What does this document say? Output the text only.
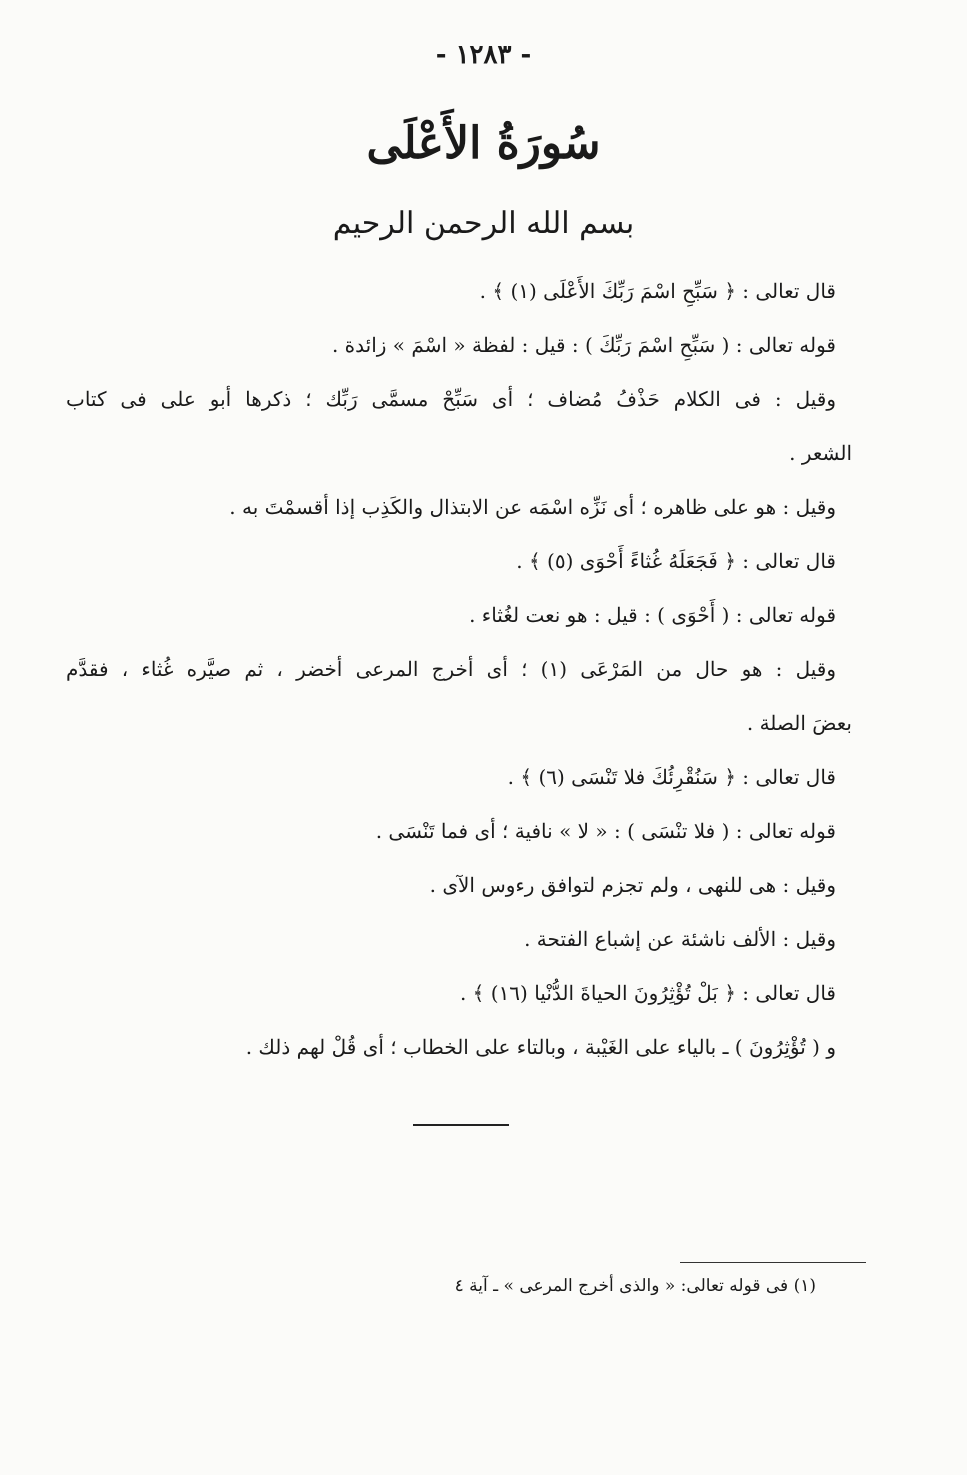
- ١٢٨٣ -
سُورَةُ الأَعْلَى
بسم الله الرحمن الرحيم
قال تعالى : ﴿ سَبِّحِ اسْمَ رَبِّكَ الأَعْلَى (١) ﴾ .
قوله تعالى : ( سَبِّحِ اسْمَ رَبِّكَ ) : قيل : لفظة « اسْمَ » زائدة .
وقيل : فى الكلام حَذْفُ مُضاف ؛ أى سَبِّحْ مسمَّى رَبِّك ؛ ذكرها أبو على فى كتاب
الشعر .
وقيل : هو على ظاهره ؛ أى نَزِّه اسْمَه عن الابتذال والكَذِب إذا أقسمْتَ به .
قال تعالى : ﴿ فَجَعَلَهُ غُثاءً أَحْوَى (٥) ﴾ .
قوله تعالى : ( أَحْوَى ) : قيل : هو نعت لغُثاء .
وقيل : هو حال من المَرْعَى (١) ؛ أى أخرج المرعى أخضر ، ثم صيَّره غُثاء ، فقدَّم
بعضَ الصلة .
قال تعالى : ﴿ سَنُقْرِئُكَ فلا تَنْسَى (٦) ﴾ .
قوله تعالى : ( فلا تنْسَى ) : « لا » نافية ؛ أى فما تَنْسَى .
وقيل : هى للنهى ، ولم تجزم لتوافق رءوس الآى .
وقيل : الألف ناشئة عن إشباع الفتحة .
قال تعالى : ﴿ بَلْ تُؤْثِرُونَ الحياةَ الدُّنْيا (١٦) ﴾ .
و ( تُؤْثِرُونَ ) ـ بالياء على الغَيْبة ، وبالتاء على الخطاب ؛ أى قُلْ لهم ذلك .
(١) فى قوله تعالى: « والذى أخرج المرعى » ـ آية ٤
